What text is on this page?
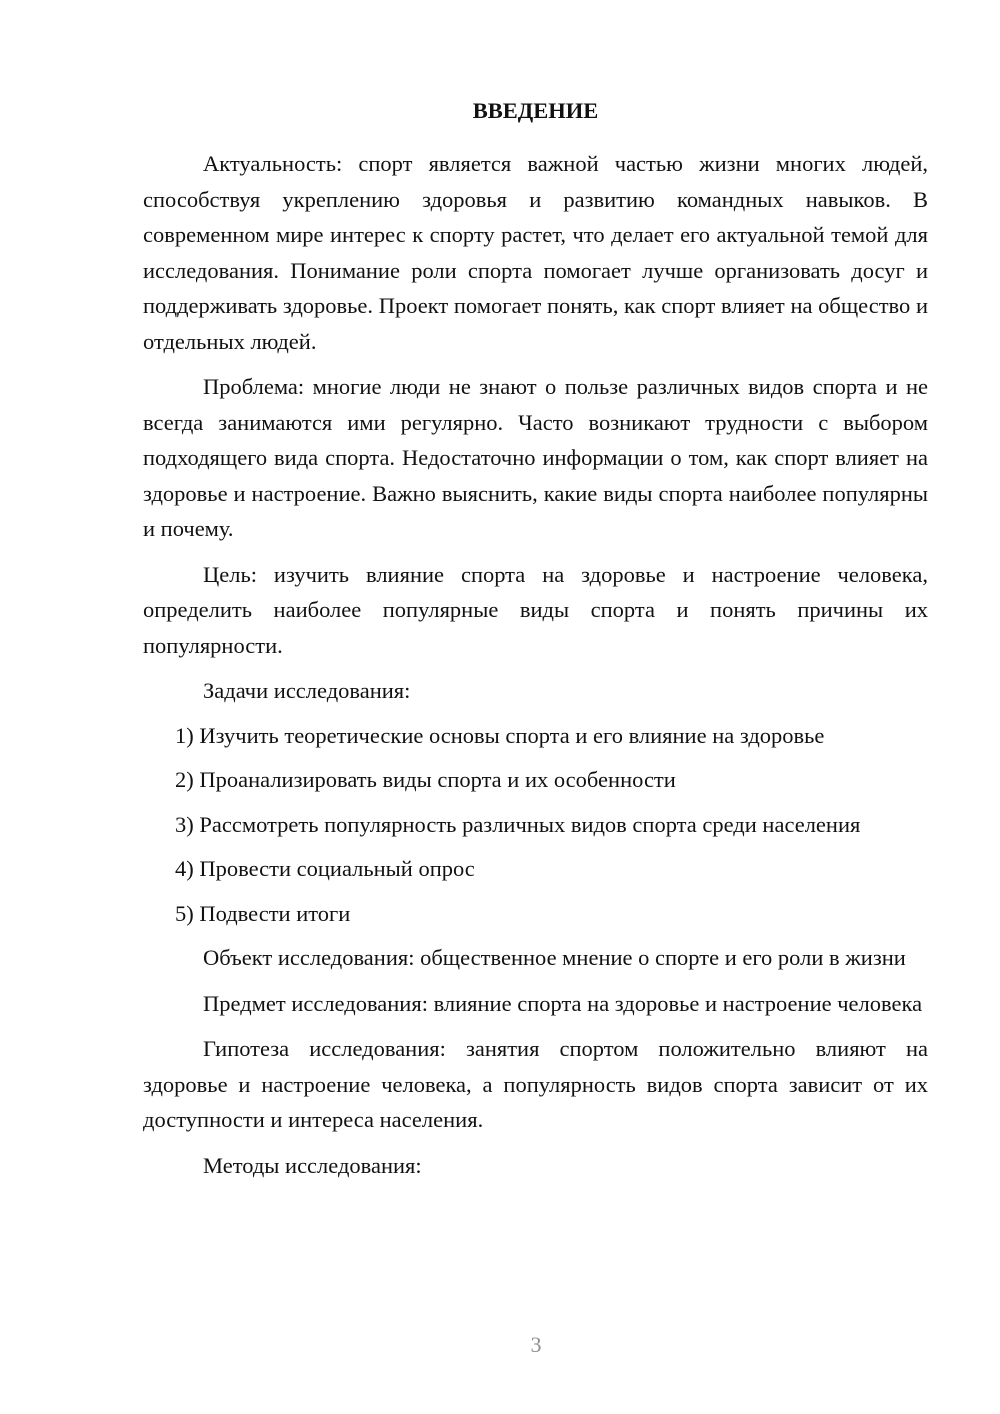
ВВЕДЕНИЕ

Актуальность: спорт является важной частью жизни многих людей, способствуя укреплению здоровья и развитию командных навыков. В современном мире интерес к спорту растет, что делает его актуальной темой для исследования. Понимание роли спорта помогает лучше организовать досуг и поддерживать здоровье. Проект помогает понять, как спорт влияет на общество и отдельных людей.

Проблема: многие люди не знают о пользе различных видов спорта и не всегда занимаются ими регулярно. Часто возникают трудности с выбором подходящего вида спорта. Недостаточно информации о том, как спорт влияет на здоровье и настроение. Важно выяснить, какие виды спорта наиболее популярны и почему.

Цель: изучить влияние спорта на здоровье и настроение человека, определить наиболее популярные виды спорта и понять причины их популярности.

Задачи исследования:

1) Изучить теоретические основы спорта и его влияние на здоровье

2) Проанализировать виды спорта и их особенности

3) Рассмотреть популярность различных видов спорта среди населения

4) Провести социальный опрос

5) Подвести итоги

Объект исследования: общественное мнение о спорте и его роли в жизни

Предмет исследования: влияние спорта на здоровье и настроение человека

Гипотеза исследования: занятия спортом положительно влияют на здоровье и настроение человека, а популярность видов спорта зависит от их доступности и интереса населения.

Методы исследования:

3
